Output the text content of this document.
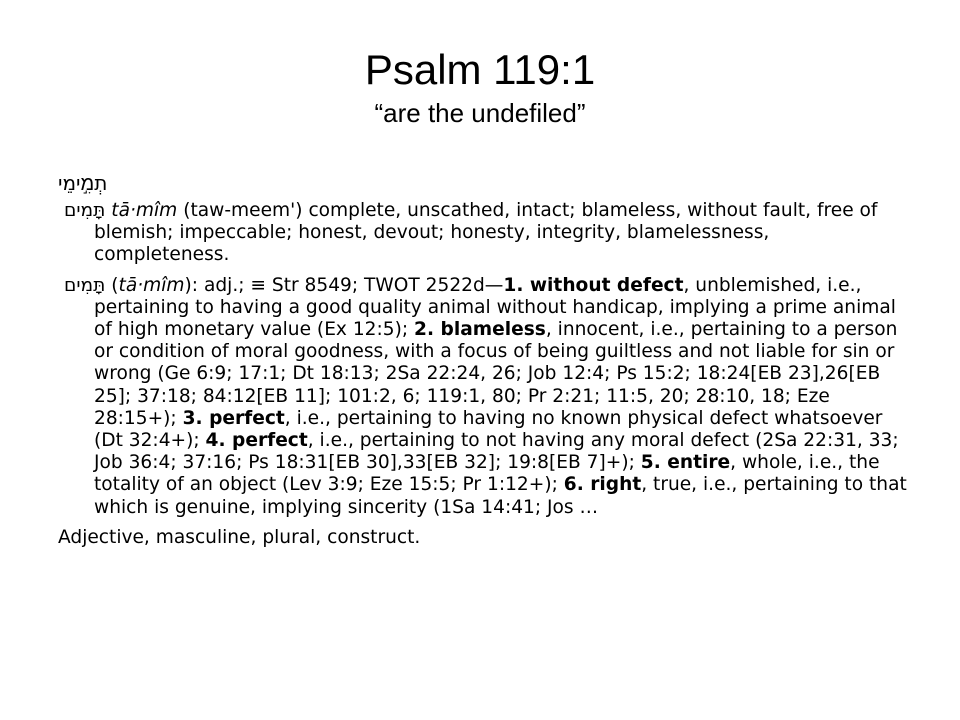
Psalm 119:1
“are the undefiled”
תְמִ֣ימֵי
תָּמִים tā·mîm (taw-meem') complete, unscathed, intact; blameless, without fault, free of blemish; impeccable; honest, devout; honesty, integrity, blamelessness, completeness.
תָּמִים (tā·mîm): adj.; ≡ Str 8549; TWOT 2522d—1. without defect, unblemished, i.e., pertaining to having a good quality animal without handicap, implying a prime animal of high monetary value (Ex 12:5); 2. blameless, innocent, i.e., pertaining to a person or condition of moral goodness, with a focus of being guiltless and not liable for sin or wrong (Ge 6:9; 17:1; Dt 18:13; 2Sa 22:24, 26; Job 12:4; Ps 15:2; 18:24[EB 23],26[EB 25]; 37:18; 84:12[EB 11]; 101:2, 6; 119:1, 80; Pr 2:21; 11:5, 20; 28:10, 18; Eze 28:15+); 3. perfect, i.e., pertaining to having no known physical defect whatsoever (Dt 32:4+); 4. perfect, i.e., pertaining to not having any moral defect (2Sa 22:31, 33; Job 36:4; 37:16; Ps 18:31[EB 30],33[EB 32]; 19:8[EB 7]+); 5. entire, whole, i.e., the totality of an object (Lev 3:9; Eze 15:5; Pr 1:12+); 6. right, true, i.e., pertaining to that which is genuine, implying sincerity (1Sa 14:41; Jos …
Adjective, masculine, plural, construct.
